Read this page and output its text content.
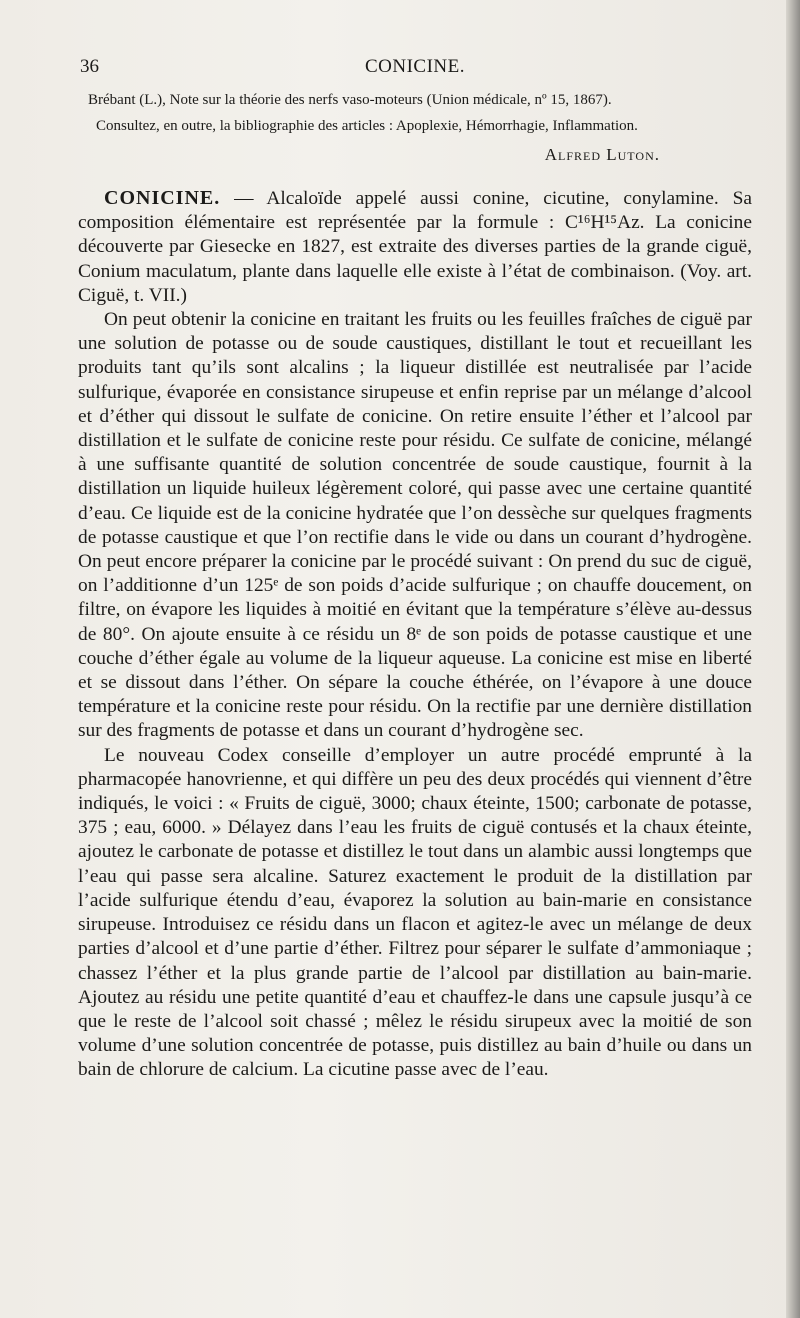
36	CONICINE.
Brébant (L.), Note sur la théorie des nerfs vaso-moteurs (Union médicale, nº 15, 1867).
Consultez, en outre, la bibliographie des articles : Apoplexie, Hémorrhagie, Inflammation.
Alfred Luton.

CONICINE. — Alcaloïde appelé aussi conine, cicutine, conylamine. Sa composition élémentaire est représentée par la formule : C¹⁶H¹⁵Az. La conicine découverte par Giesecke en 1827, est extraite des diverses parties de la grande ciguë, Conium maculatum, plante dans laquelle elle existe à l’état de combinaison. (Voy. art. Ciguë, t. VII.)

On peut obtenir la conicine en traitant les fruits ou les feuilles fraîches de ciguë par une solution de potasse ou de soude caustiques, distillant le tout et recueillant les produits tant qu’ils sont alcalins ; la liqueur distillée est neutralisée par l’acide sulfurique, évaporée en consistance sirupeuse et enfin reprise par un mélange d’alcool et d’éther qui dissout le sulfate de conicine. On retire ensuite l’éther et l’alcool par distillation et le sulfate de conicine reste pour résidu. Ce sulfate de conicine, mélangé à une suffisante quantité de solution concentrée de soude caustique, fournit à la distillation un liquide huileux légèrement coloré, qui passe avec une certaine quantité d’eau. Ce liquide est de la conicine hydratée que l’on dessèche sur quelques fragments de potasse caustique et que l’on rectifie dans le vide ou dans un courant d’hydrogène. On peut encore préparer la conicine par le procédé suivant : On prend du suc de ciguë, on l’additionne d’un 125ᵉ de son poids d’acide sulfurique ; on chauffe doucement, on filtre, on évapore les liquides à moitié en évitant que la température s’élève au-dessus de 80°. On ajoute ensuite à ce résidu un 8ᵉ de son poids de potasse caustique et une couche d’éther égale au volume de la liqueur aqueuse. La conicine est mise en liberté et se dissout dans l’éther. On sépare la couche éthérée, on l’évapore à une douce température et la conicine reste pour résidu. On la rectifie par une dernière distillation sur des fragments de potasse et dans un courant d’hydrogène sec.

Le nouveau Codex conseille d’employer un autre procédé emprunté à la pharmacopée hanovrienne, et qui diffère un peu des deux procédés qui viennent d’être indiqués, le voici : « Fruits de ciguë, 3000; chaux éteinte, 1500; carbonate de potasse, 375 ; eau, 6000. » Délayez dans l’eau les fruits de ciguë contusés et la chaux éteinte, ajoutez le carbonate de potasse et distillez le tout dans un alambic aussi longtemps que l’eau qui passe sera alcaline. Saturez exactement le produit de la distillation par l’acide sulfurique étendu d’eau, évaporez la solution au bain-marie en consistance sirupeuse. Introduisez ce résidu dans un flacon et agitez-le avec un mélange de deux parties d’alcool et d’une partie d’éther. Filtrez pour séparer le sulfate d’ammoniaque ; chassez l’éther et la plus grande partie de l’alcool par distillation au bain-marie. Ajoutez au résidu une petite quantité d’eau et chauffez-le dans une capsule jusqu’à ce que le reste de l’alcool soit chassé ; mêlez le résidu sirupeux avec la moitié de son volume d’une solution concentrée de potasse, puis distillez au bain d’huile ou dans un bain de chlorure de calcium. La cicutine passe avec de l’eau.
